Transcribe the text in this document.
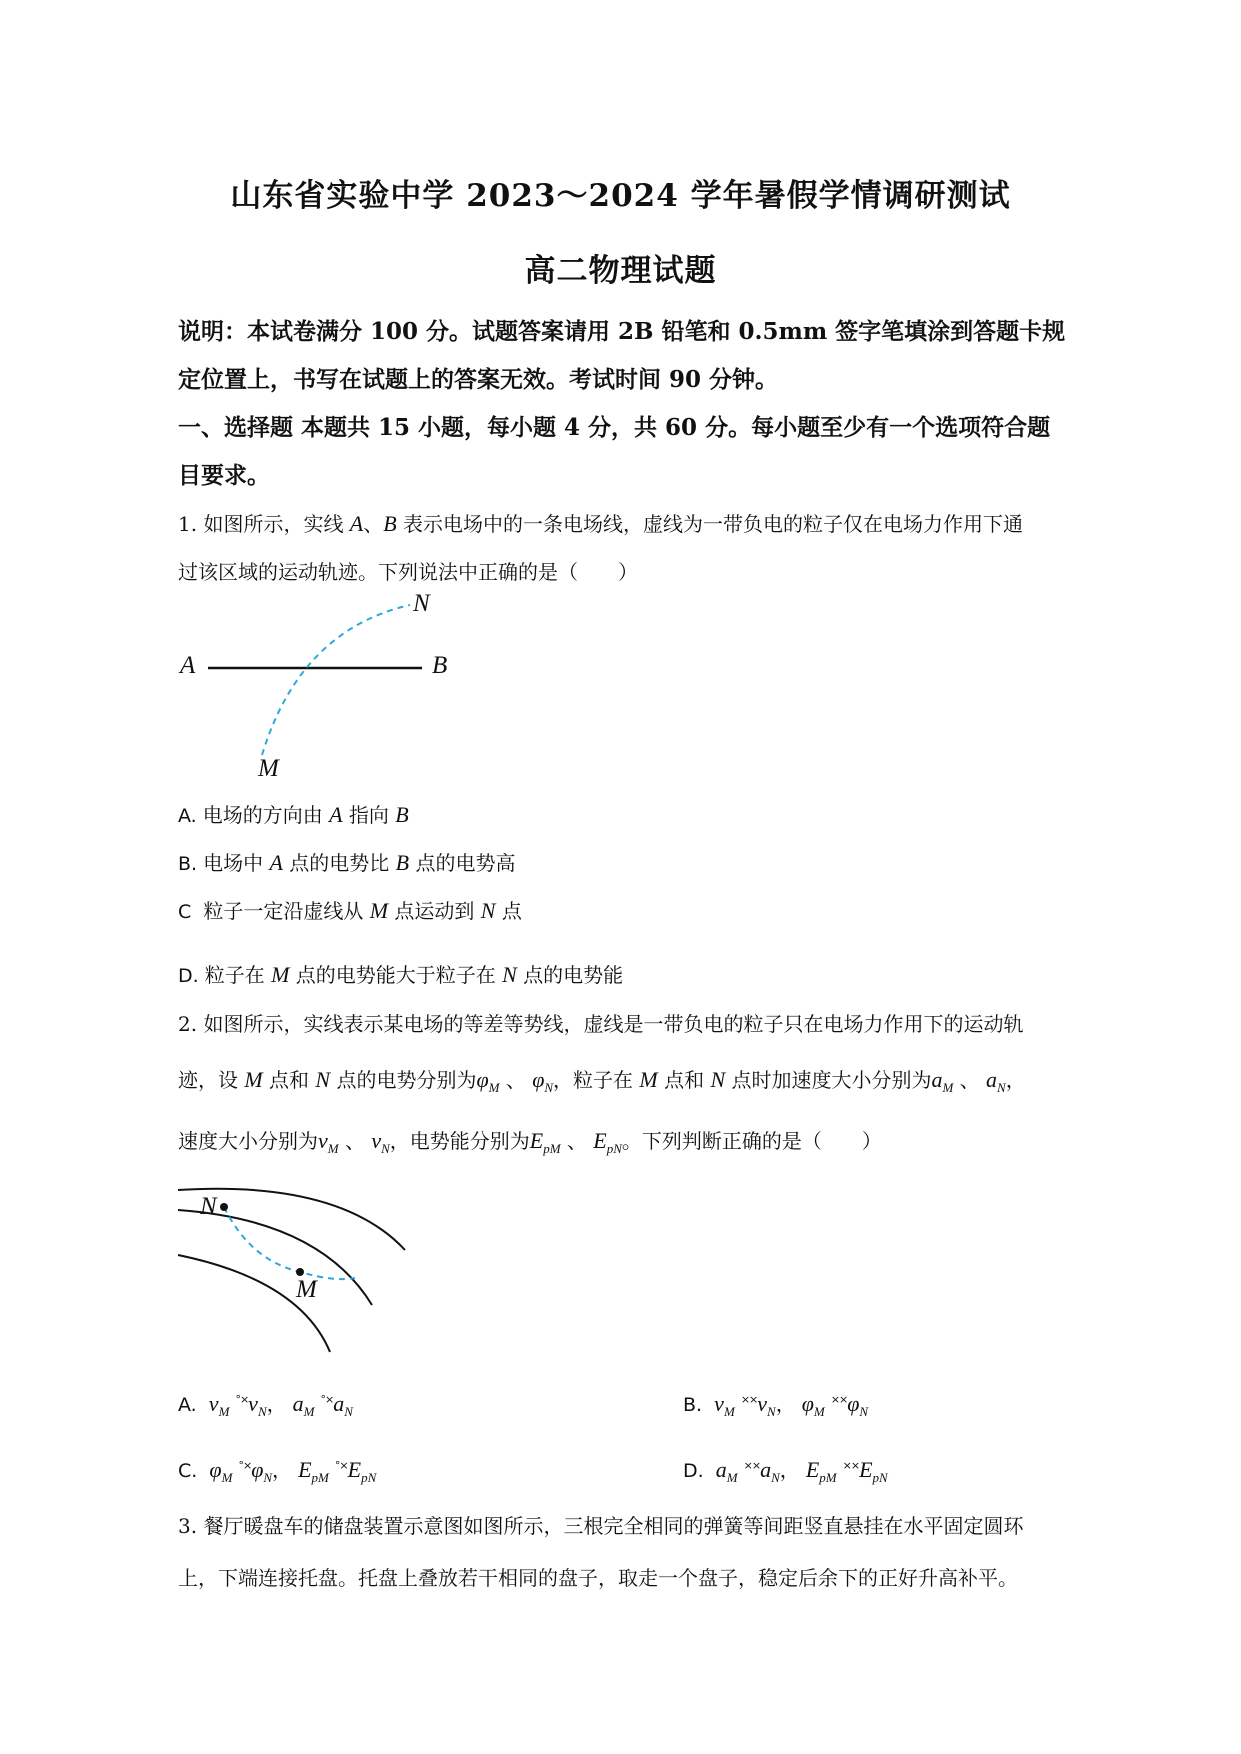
山东省实验中学 2023～2024 学年暑假学情调研测试
高二物理试题
说明：本试卷满分 100 分。试题答案请用 2B 铅笔和 0.5mm 签字笔填涂到答题卡规
定位置上，书写在试题上的答案无效。考试时间 90 分钟。
一、选择题 本题共 15 小题，每小题 4 分，共 60 分。每小题至少有一个选项符合题
目要求。
1. 如图所示，实线 A、B 表示电场中的一条电场线，虚线为一带负电的粒子仅在电场力作用下通
过该区域的运动轨迹。下列说法中正确的是（　　）
A	B
N
M
A. 电场的方向由 A 指向 B
B. 电场中 A 点的电势比 B 点的电势高
C 粒子一定沿虚线从 M 点运动到 N 点
D. 粒子在 M 点的电势能大于粒子在 N 点的电势能
2. 如图所示，实线表示某电场的等差等势线，虚线是一带负电的粒子只在电场力作用下的运动轨
迹，设 M 点和 N 点的电势分别为$\varphi_M$ 、 $\varphi_N$，粒子在 M 点和 N 点时加速度大小分别为$a_M$ 、 $a_N$，
速度大小分别为$v_M$ 、 $v_N$，电势能分别为$E_{pM}$ 、 $E_{pN}$。下列判断正确的是（　　）
N
M
A. $v_M$ $^{^\circ\times}v_N$， $a_M$ $^{^\circ\times}a_N$	B. $v_M$ $^{\times\times}v_N$， $\varphi_M$ $^{\times\times}\varphi_N$
C. $\varphi_M$ $^{^\circ\times}\varphi_N$， $E_{pM}$ $^{^\circ\times}E_{pN}$	D. $a_M$ $^{\times\times}a_N$， $E_{pM}$ $^{\times\times}E_{pN}$
3. 餐厅暖盘车的储盘装置示意图如图所示，三根完全相同的弹簧等间距竖直悬挂在水平固定圆环
上，下端连接托盘。托盘上叠放若干相同的盘子，取走一个盘子，稳定后余下的正好升高补平。
